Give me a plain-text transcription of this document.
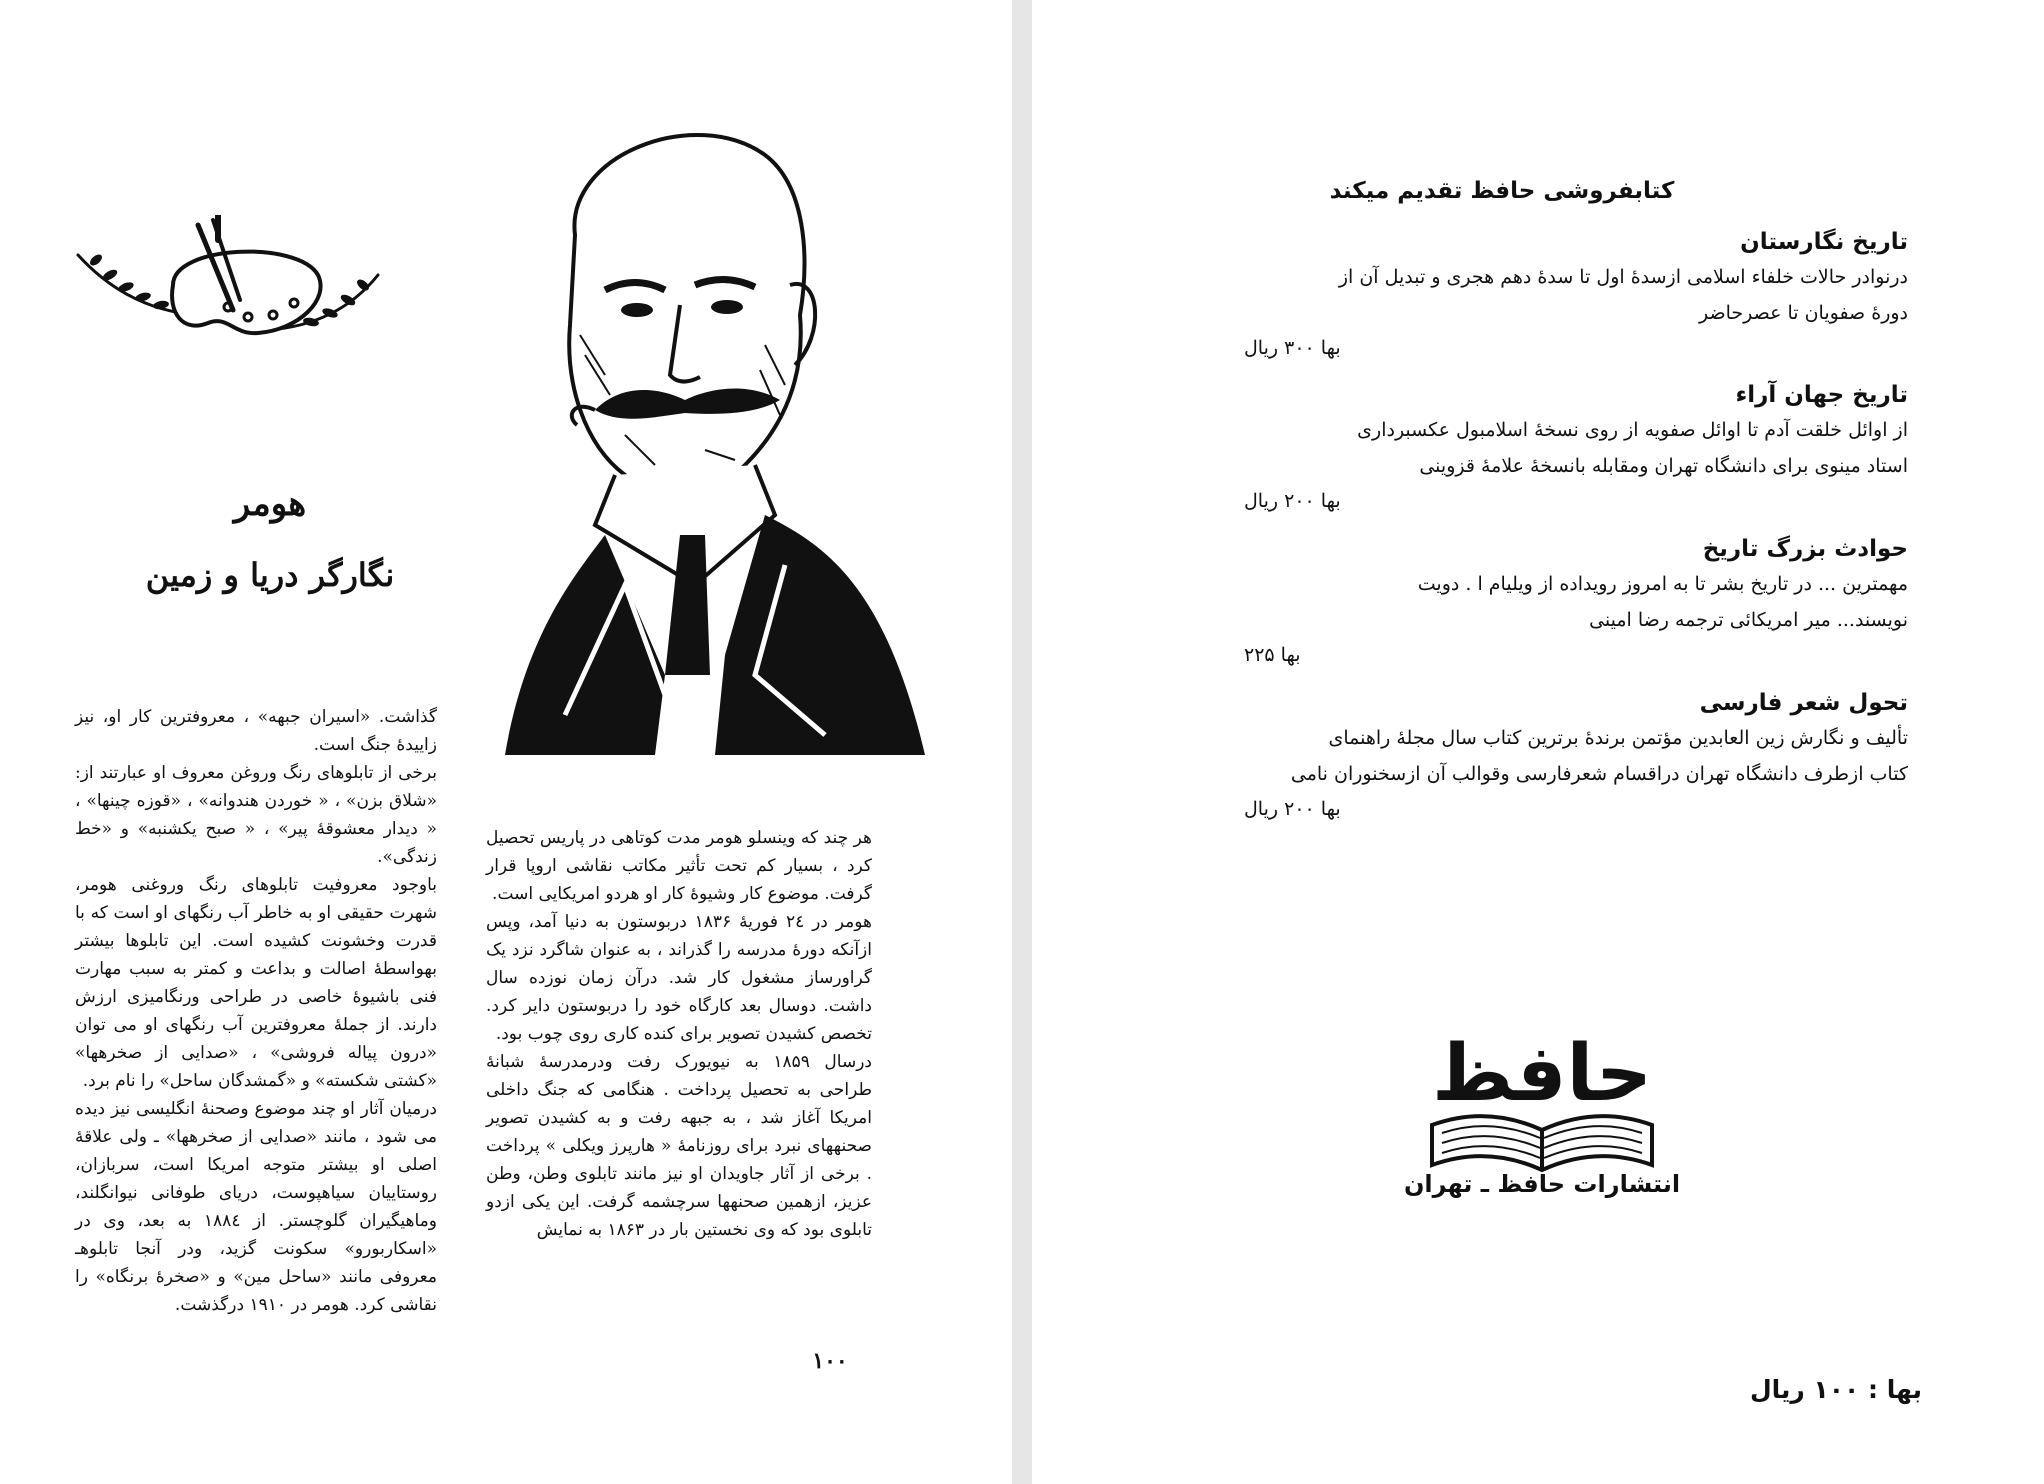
هومر
نگارگر دریا و زمین

گذاشت. «اسیران جبهه» ، معروفترین کار او، نیز زاییدهٔ جنگ است.

برخی از تابلوهای رنگ وروغن معروف او عبارتند از: «شلاق بزن» ، « خوردن هندوانه» ، «قوزه چینها» ، « دیدار معشوقهٔ پیر» ، « صبح یکشنبه» و «خط زندگی».

باوجود معروفیت تابلوهای رنگ وروغنی هومر، شهرت حقیقی او به خاطر آب رنگهای او است که با قدرت وخشونت کشیده است. این تابلوها بیشتر بهواسطهٔ اصالت و بداعت و کمتر به سبب مهارت فنی باشیوهٔ خاصی در طراحی ورنگامیزی ارزش دارند. از جملهٔ معروفترین آب رنگهای او می توان «درون پیاله فروشی» ، «صدایی از صخرهها» «کشتی شکسته» و «گمشدگان ساحل» را نام برد.

درمیان آثار او چند موضوع وصحنهٔ انگلیسی نیز دیده می شود ، مانند «صدایی از صخرهها» ـ ولی علاقهٔ اصلی او بیشتر متوجه امریکا است، سربازان، روستاییان سیاهپوست، دریای طوفانی نیوانگلند، وماهیگیران گلوچستر. از ۱۸۸٤ به بعد، وی در «اسکاربورو» سکونت گزید، ودر آنجا تابلوهـ معروفی مانند «ساحل مین» و «صخرهٔ برنگاه» را نقاشی کرد. هومر در ۱۹۱۰ درگذشت.

هر چند که وینسلو هومر مدت کوتاهی در پاریس تحصیل کرد ، بسیار کم تحت تأثیر مکاتب نقاشی اروپا قرار گرفت. موضوع کار وشیوهٔ کار او هردو امریکایی است.

هومر در ۲٤ فوریهٔ ۱۸۳۶ دربوستون به دنیا آمد، وپس ازآنکه دورهٔ مدرسه را گذراند ، به عنوان شاگرد نزد یک گراورساز مشغول کار شد. درآن زمان نوزده سال داشت. دوسال بعد کارگاه خود را دربوستون دایر کرد. تخصص کشیدن تصویر برای کنده کاری روی چوب بود.

درسال ۱۸۵۹ به نیویورک رفت ودرمدرسهٔ شبانهٔ طراحی به تحصیل پرداخت . هنگامی که جنگ داخلی امریکا آغاز شد ، به جبهه رفت و به کشیدن تصویر صحنههای نبرد برای روزنامهٔ « هارپرز ویکلی » پرداخت . برخی از آثار جاویدان او نیز مانند تابلوی وطن، وطن عزیز، ازهمین صحنهها سرچشمه گرفت. این یکی ازدو تابلوی بود که وی نخستین بار در ۱۸۶۳ به نمایش

۱۰۰
کتابفروشی حافظ تقدیم میکند
تاریخ نگارستان
درنوادر حالات خلفاء اسلامی ازسدهٔ اول تا سدهٔ دهم هجری و تبدیل آن از
دورهٔ صفویان تا عصرحاضر
بها ۳۰۰ ریال
تاریخ جهان آراء
از اوائل خلقت آدم تا اوائل صفویه از روی نسخهٔ اسلامبول عکسبرداری
استاد مینوی برای دانشگاه تهران ومقابله بانسخهٔ علامهٔ قزوینی
بها ۲۰۰ ریال
حوادث بزرگ تاریخ
مهمترین ... در تاریخ بشر تا به امروز رویداده از ویلیام ا . دویت
نویسند... میر امریکائی ترجمه رضا امینی
بها ۲۲۵
تحول شعر فارسی
تألیف و نگارش زین العابدین مؤتمن برندهٔ برترین کتاب سال مجلهٔ راهنمای
کتاب ازطرف دانشگاه تهران دراقسام شعرفارسی وقوالب آن ازسخنوران نامی
بها ۲۰۰ ریال
حافظ
انتشارات حافظ ـ تهران
بها : ۱۰۰ ریال
